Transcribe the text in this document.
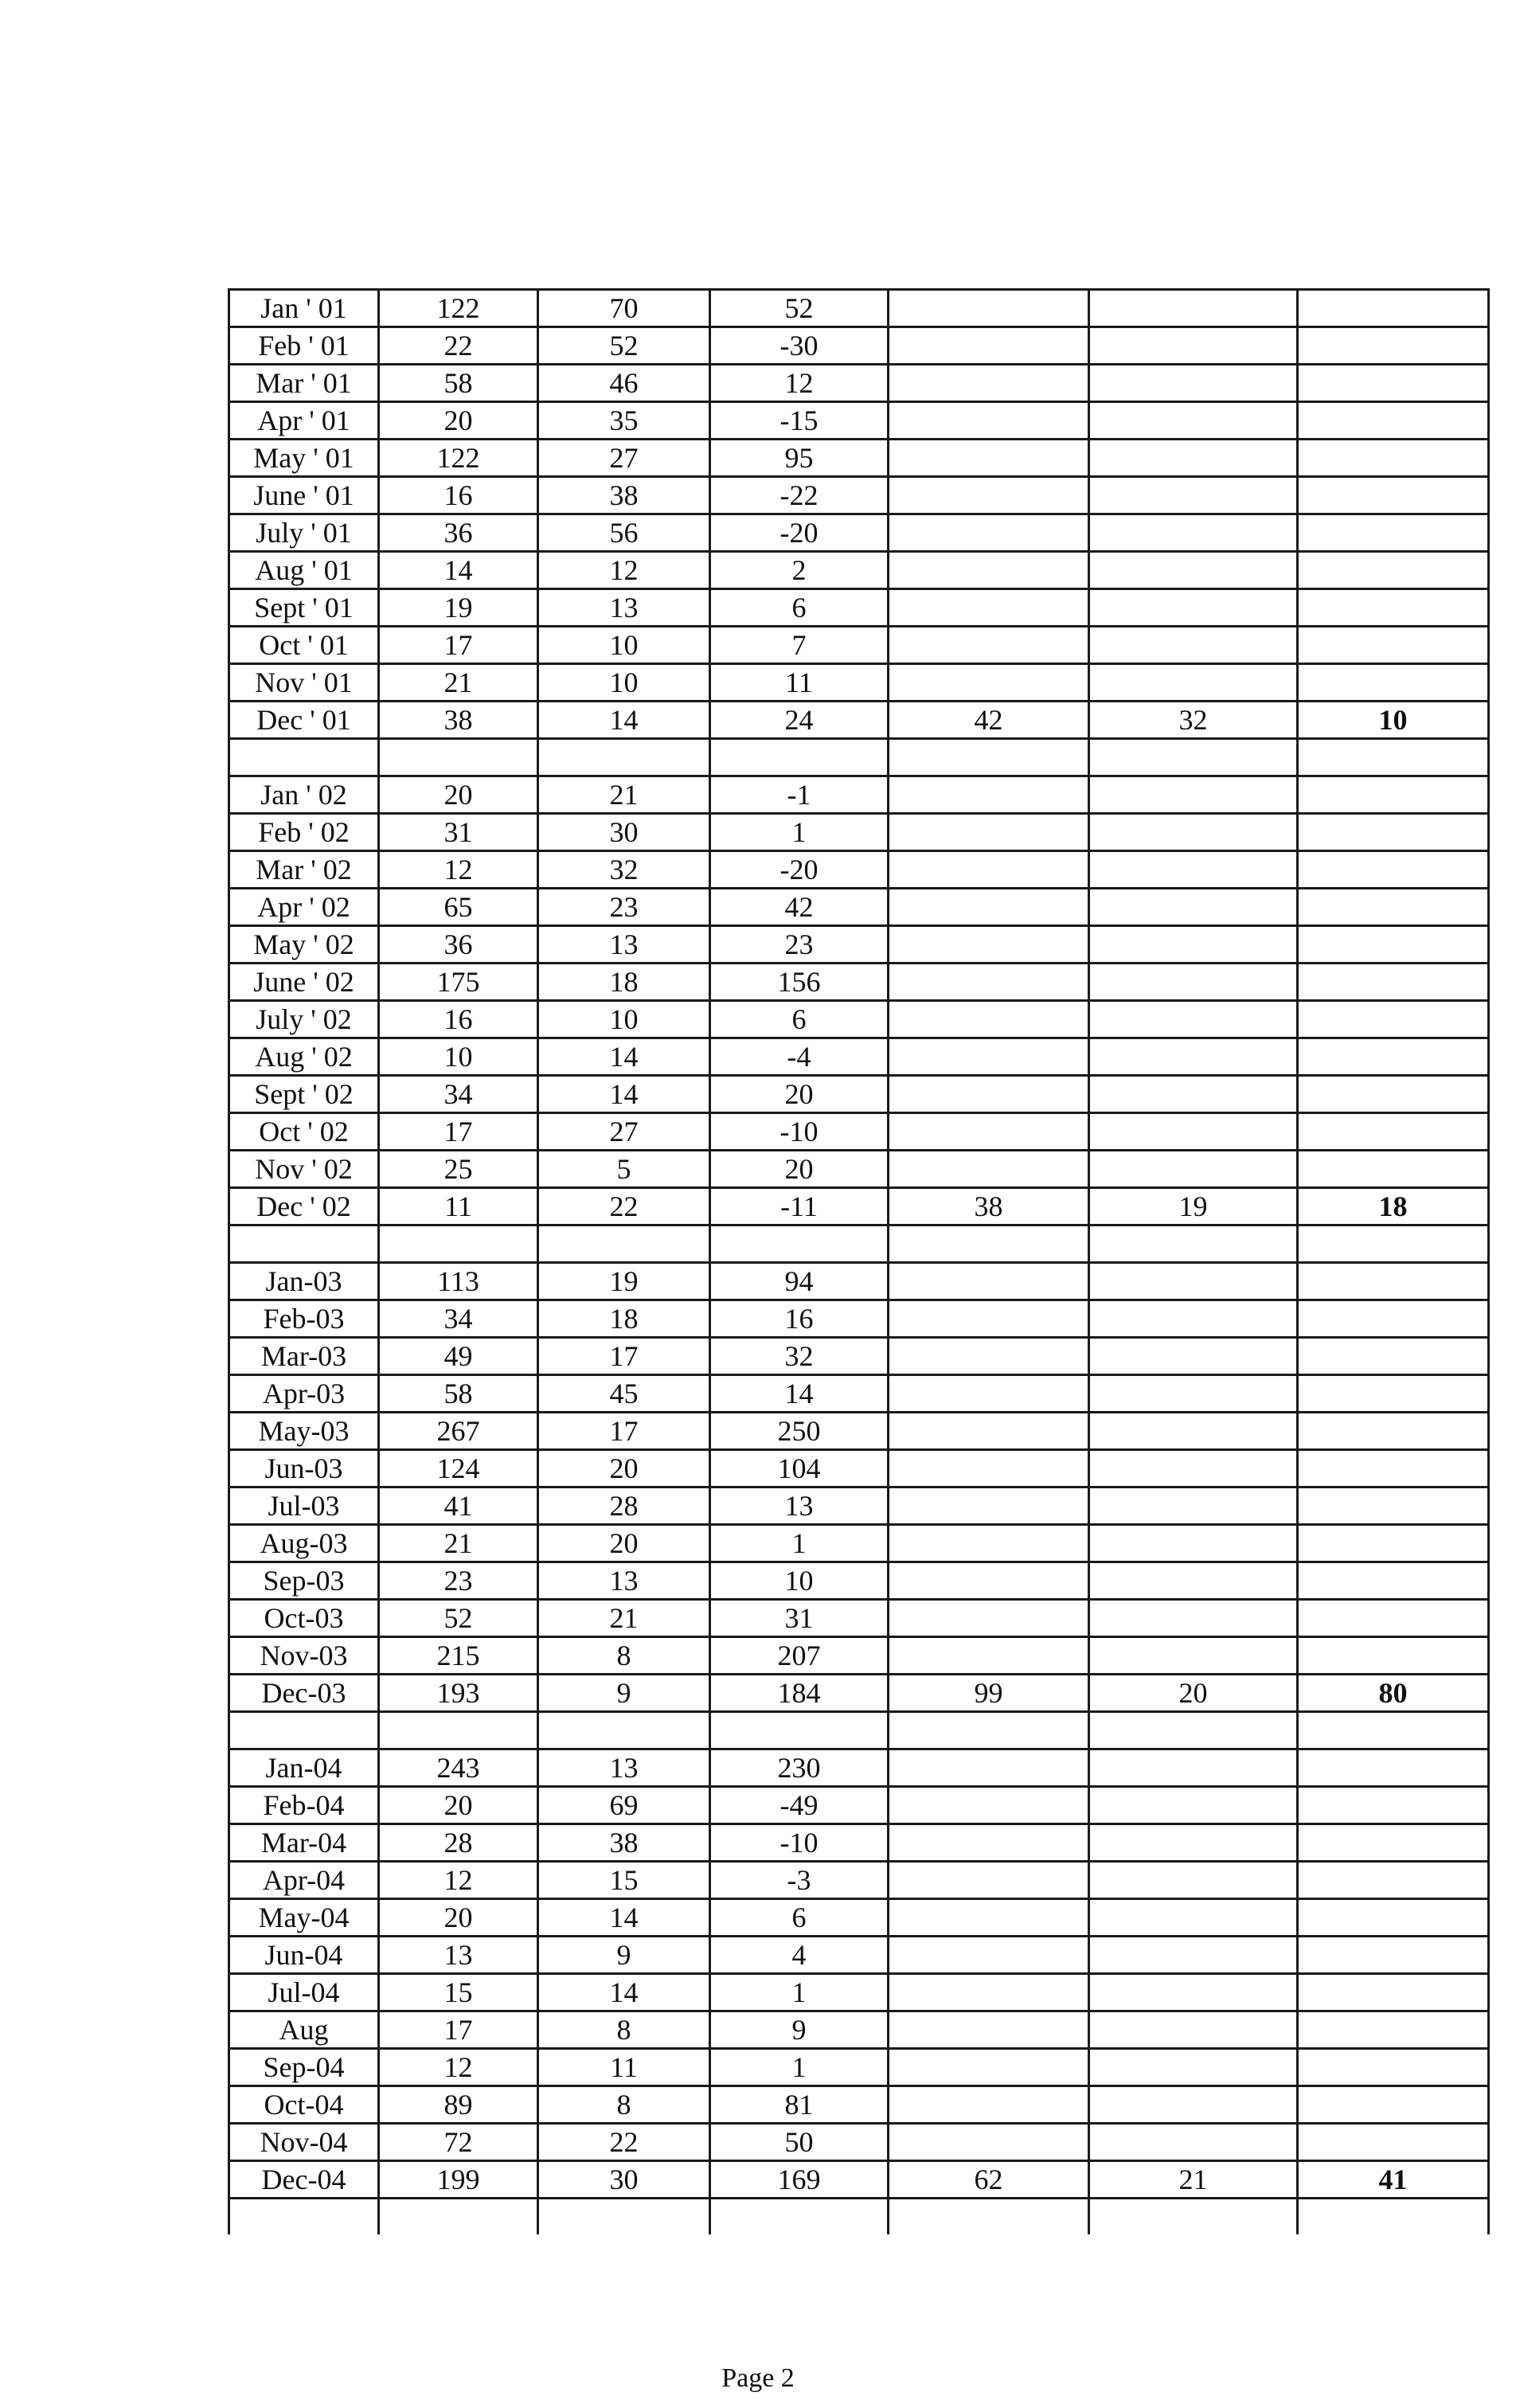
Jan ' 01	122	70	52			
Feb ' 01	22	52	-30			
Mar ' 01	58	46	12			
Apr ' 01	20	35	-15			
May ' 01	122	27	95			
June ' 01	16	38	-22			
July ' 01	36	56	-20			
Aug ' 01	14	12	2			
Sept ' 01	19	13	6			
Oct ' 01	17	10	7			
Nov ' 01	21	10	11			
Dec ' 01	38	14	24	42	32	10

Jan ' 02	20	21	-1			
Feb ' 02	31	30	1			
Mar ' 02	12	32	-20			
Apr ' 02	65	23	42			
May ' 02	36	13	23			
June ' 02	175	18	156			
July ' 02	16	10	6			
Aug ' 02	10	14	-4			
Sept ' 02	34	14	20			
Oct ' 02	17	27	-10			
Nov ' 02	25	5	20			
Dec ' 02	11	22	-11	38	19	18

Jan-03	113	19	94			
Feb-03	34	18	16			
Mar-03	49	17	32			
Apr-03	58	45	14			
May-03	267	17	250			
Jun-03	124	20	104			
Jul-03	41	28	13			
Aug-03	21	20	1			
Sep-03	23	13	10			
Oct-03	52	21	31			
Nov-03	215	8	207			
Dec-03	193	9	184	99	20	80

Jan-04	243	13	230			
Feb-04	20	69	-49			
Mar-04	28	38	-10			
Apr-04	12	15	-3			
May-04	20	14	6			
Jun-04	13	9	4			
Jul-04	15	14	1			
Aug	17	8	9			
Sep-04	12	11	1			
Oct-04	89	8	81			
Nov-04	72	22	50			
Dec-04	199	30	169	62	21	41

Page 2
